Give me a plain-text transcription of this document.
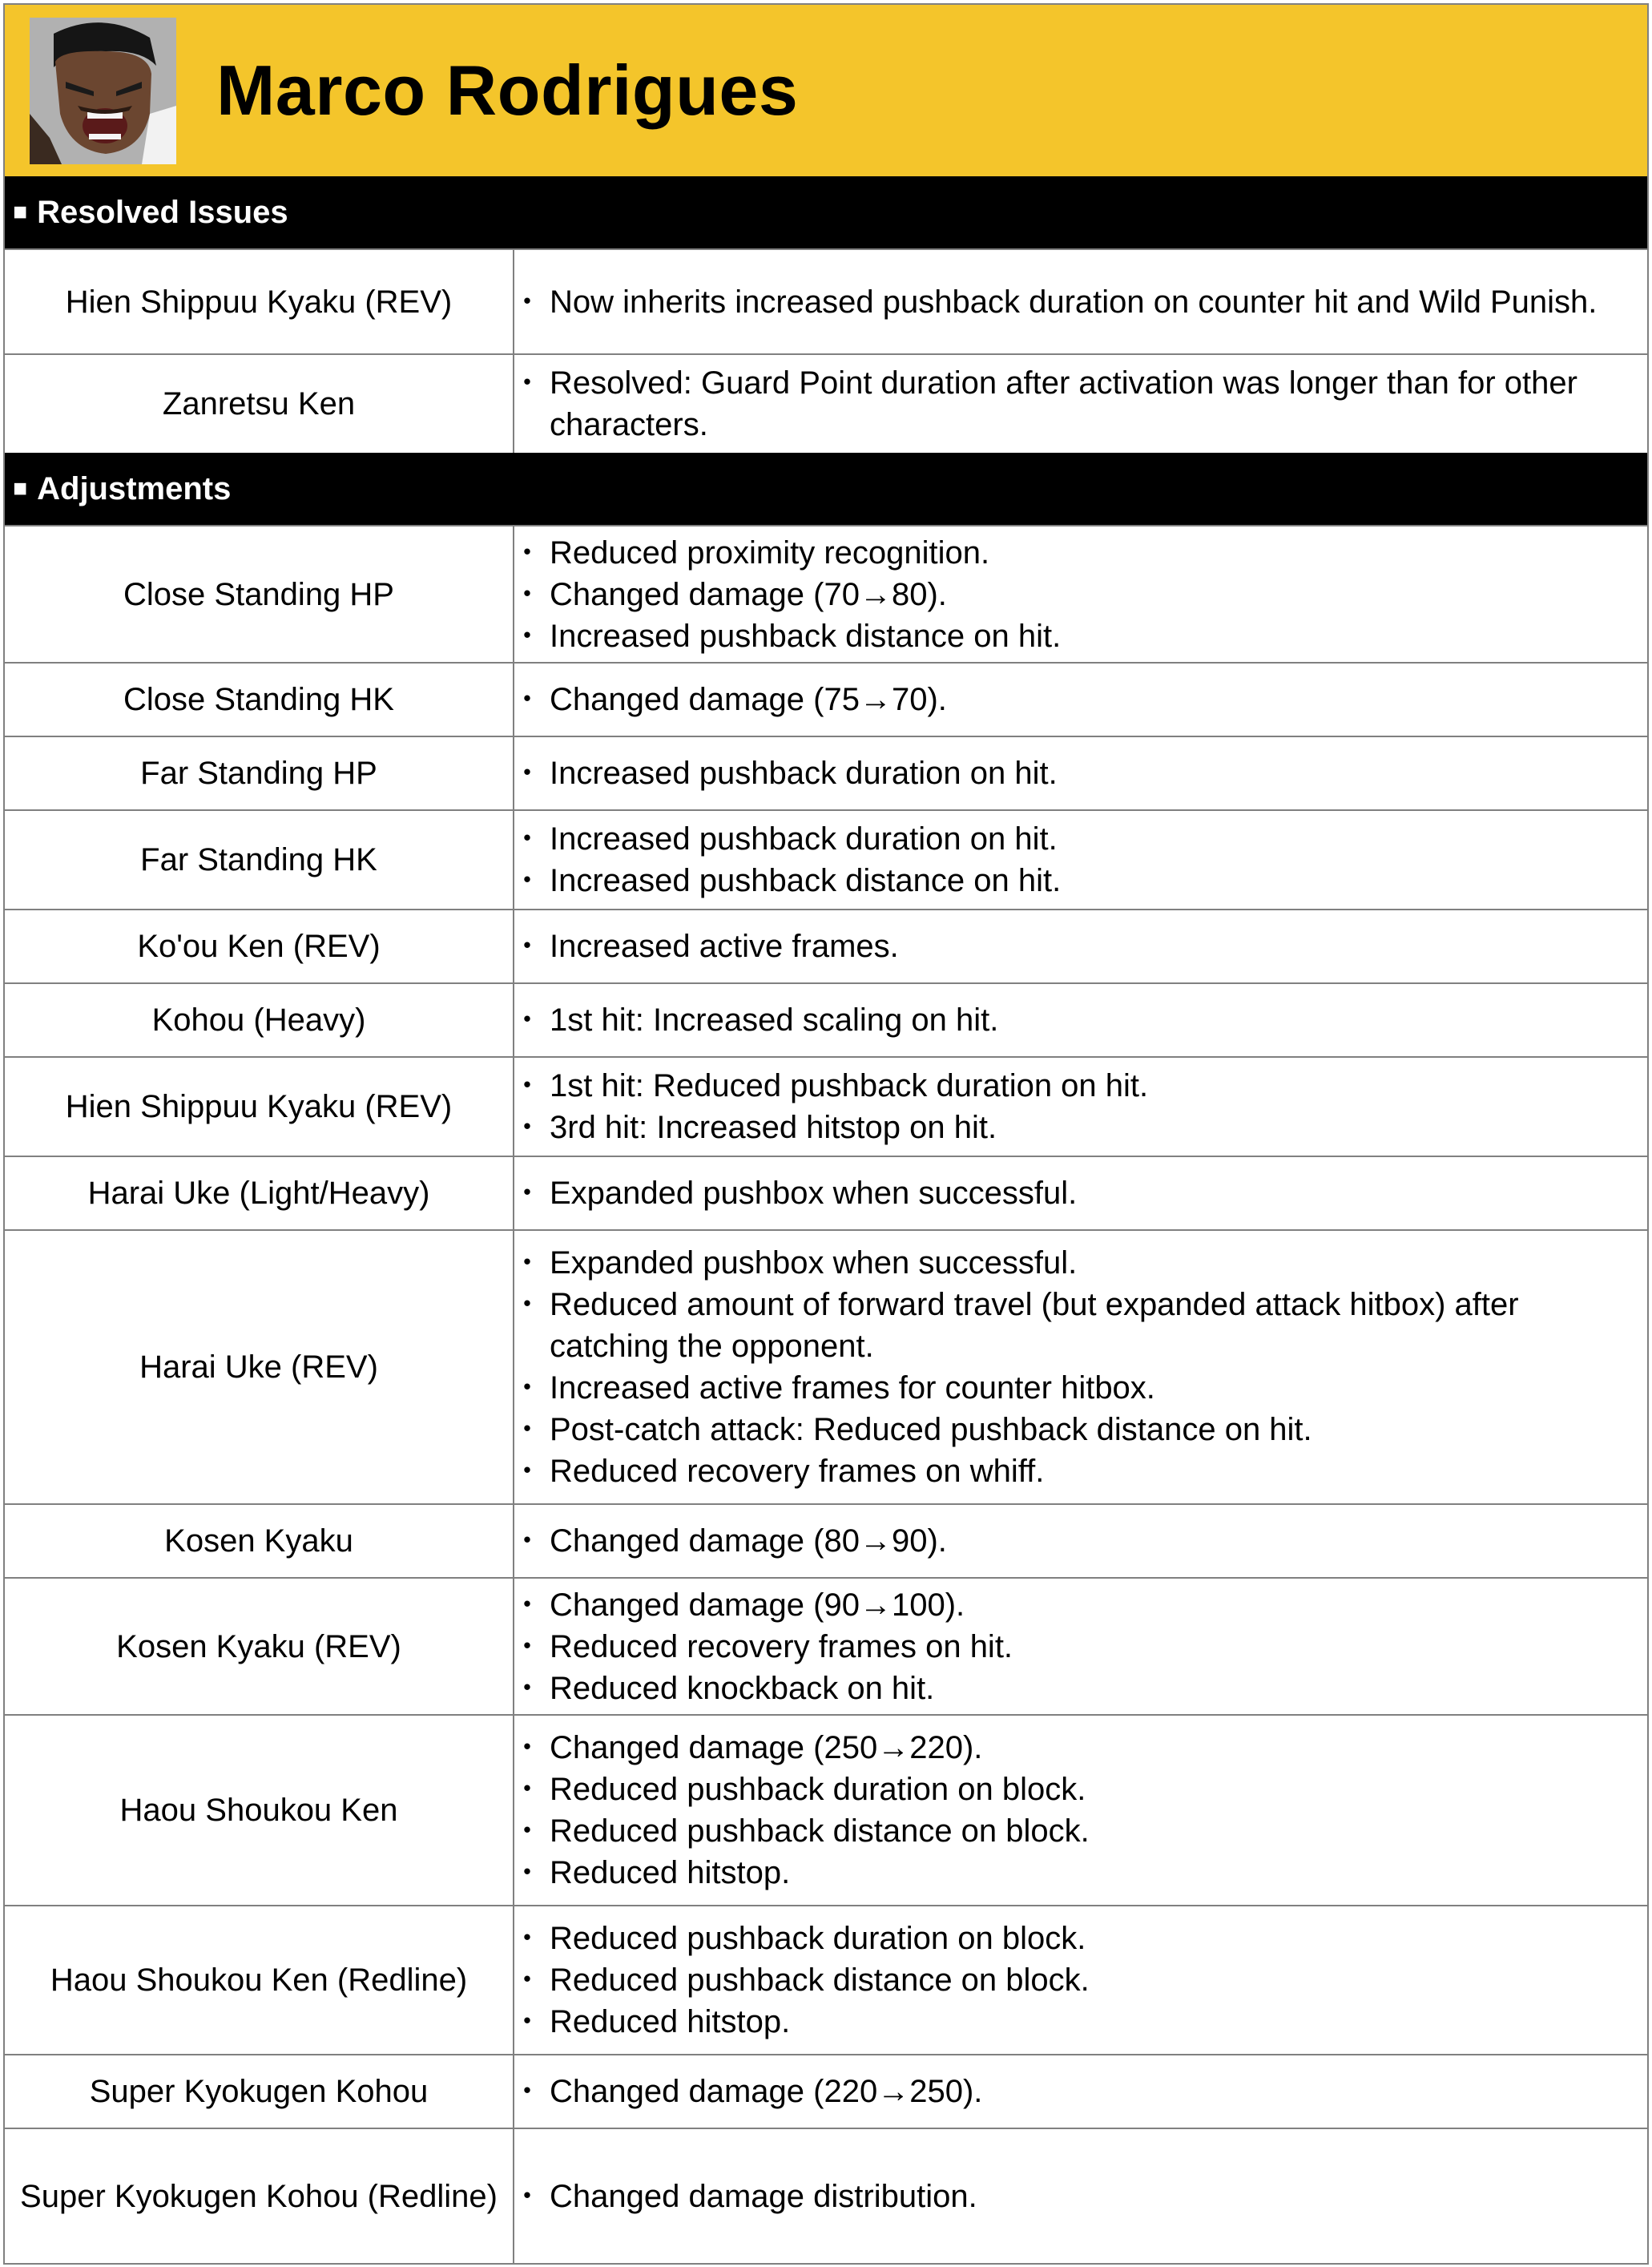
Marco Rodrigues
■ Resolved Issues
Hien Shippuu Kyaku (REV)	・ Now inherits increased pushback duration on counter hit and Wild Punish.

Zanretsu Ken	・ Resolved: Guard Point duration after activation was longer than for other characters.
■ Adjustments
Close Standing HP	・ Reduced proximity recognition.
・ Changed damage (70→80).
・ Increased pushback distance on hit.

Close Standing HK	・ Changed damage (75→70).

Far Standing HP	・ Increased pushback duration on hit.

Far Standing HK	・ Increased pushback duration on hit.
・ Increased pushback distance on hit.

Ko'ou Ken (REV)	・ Increased active frames.

Kohou (Heavy)	・ 1st hit: Increased scaling on hit.

Hien Shippuu Kyaku (REV)	・ 1st hit: Reduced pushback duration on hit.
・ 3rd hit: Increased hitstop on hit.

Harai Uke (Light/Heavy)	・ Expanded pushbox when successful.

Harai Uke (REV)	・ Expanded pushbox when successful.
・ Reduced amount of forward travel (but expanded attack hitbox) after catching the opponent.
・ Increased active frames for counter hitbox.
・ Post-catch attack: Reduced pushback distance on hit.
・ Reduced recovery frames on whiff.

Kosen Kyaku	・ Changed damage (80→90).

Kosen Kyaku (REV)	・ Changed damage (90→100).
・ Reduced recovery frames on hit.
・ Reduced knockback on hit.

Haou Shoukou Ken	・ Changed damage (250→220).
・ Reduced pushback duration on block.
・ Reduced pushback distance on block.
・ Reduced hitstop.

Haou Shoukou Ken (Redline)	・ Reduced pushback duration on block.
・ Reduced pushback distance on block.
・ Reduced hitstop.

Super Kyokugen Kohou	・ Changed damage (220→250).

Super Kyokugen Kohou (Redline)	・ Changed damage distribution.
